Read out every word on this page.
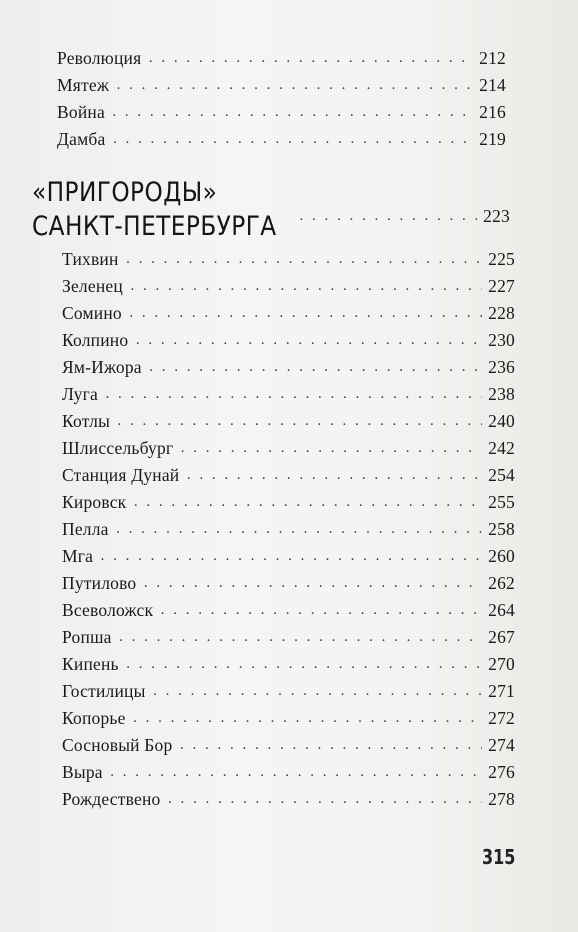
Революция . . .	212
Мятеж . . .	214
Война . . .	216
Дамба . . .	219
«ПРИГОРОДЫ»
САНКТ-ПЕТЕРБУРГА . . .	223
Тихвин . . .	225
Зеленец . . .	227
Сомино . . .	228
Колпино . . .	230
Ям-Ижора . . .	236
Луга . . .	238
Котлы . . .	240
Шлиссельбург . . .	242
Станция Дунай . . .	254
Кировск . . .	255
Пелла . . .	258
Мга . . .	260
Путилово . . .	262
Всеволожск . . .	264
Ропша . . .	267
Кипень . . .	270
Гостилицы . . .	271
Копорье . . .	272
Сосновый Бор . . .	274
Выра . . .	276
Рождествено . . .	278
315
